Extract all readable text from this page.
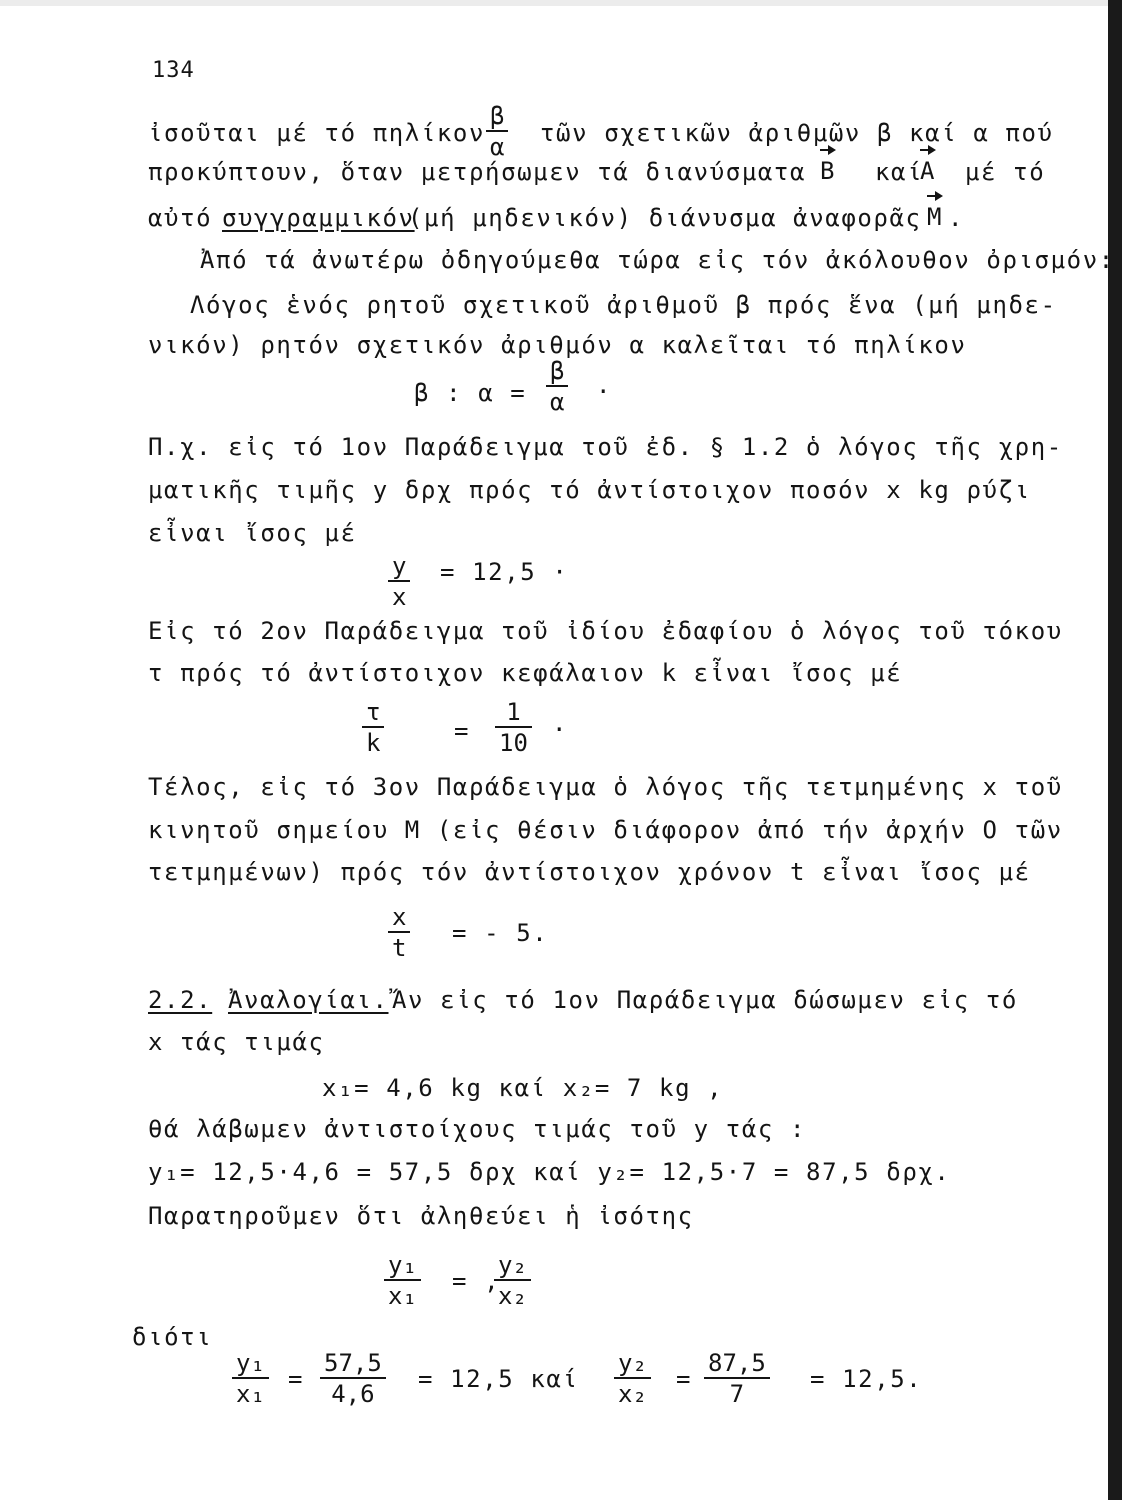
134
ἰσοῦται μέ τό πηλίκον
β
α τῶν σχετικῶν ἀριθμῶν β καί α πού
προκύπτουν, ὅταν μετρήσωμεν τά διανύσματα B καί
A μέ τό
αὐτό συγγραμμικόν
(μή μηδενικόν) διάνυσμα ἀναφορᾶς M .
Ἀπό τά ἀνωτέρω ὀδηγούμεθα τώρα εἰς τόν ἀκόλουθον ὀρισμόν:
Λόγος ἑνός ρητοῦ σχετικοῦ ἀριθμοῦ β πρός ἕνα (μή μηδε-
νικόν) ρητόν σχετικόν ἀριθμόν α καλεῖται τό πηλίκον
β : α =
β
α
.
Π.χ. εἰς τό 1ον Παράδειγμα τοῦ ἐδ. § 1.2 ὁ λόγος τῆς χρη-
ματικῆς τιμῆς y δρχ πρός τό ἀντίστοιχον ποσόν x kg ρύζι
εἶναι ἴσος μέ
y
x
= 12,5 ·
Εἰς τό 2ον Παράδειγμα τοῦ ἰδίου ἐδαφίου ὁ λόγος τοῦ τόκου
τ πρός τό ἀντίστοιχον κεφάλαιον k εἶναι ἴσος μέ
τ
k	=
1
10
.
Τέλος, εἰς τό 3ον Παράδειγμα ὁ λόγος τῆς τετμημένης x τοῦ
κινητοῦ σημείου Μ (εἰς θέσιν διάφορον ἀπό τήν ἀρχήν Ο τῶν
τετμημένων) πρός τόν ἀντίστοιχον χρόνον t εἶναι ἴσος μέ
x
t
= - 5.
2.2. Ἀναλογίαι. Ἄν εἰς τό 1ον Παράδειγμα δώσωμεν εἰς τό
x τάς τιμάς
x₁= 4,6 kg καί x₂= 7 kg ,
θά λάβωμεν ἀντιστοίχους τιμάς τοῦ y τάς :
y₁= 12,5·4,6 = 57,5 δρχ καί y₂= 12,5·7 = 87,5 δρχ.
Παρατηροῦμεν ὅτι ἀληθεύει ἡ ἰσότης
y₁
x₁
= ,
y₂
x₂
διότι
y₁
x₁
=
57,5
4,6
= 12,5 καί
y₂
x₂
=
87,5
7
= 12,5.
